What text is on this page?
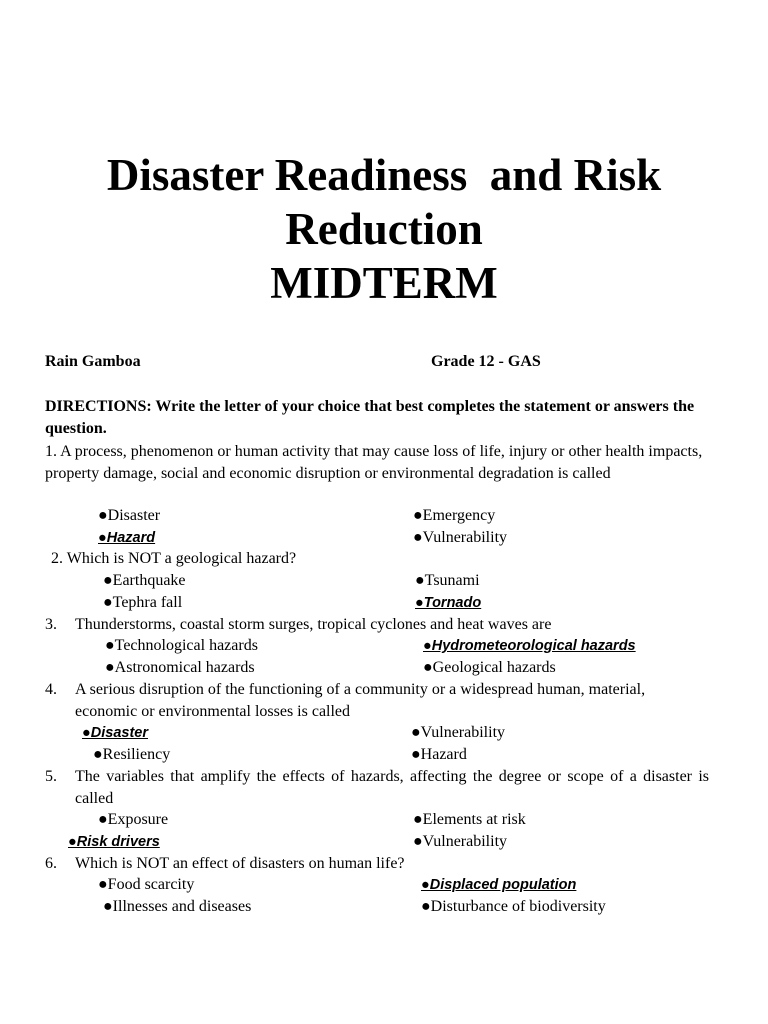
Disaster Readiness  and Risk
Reduction
MIDTERM
Rain Gamboa	Grade 12 - GAS
DIRECTIONS: Write the letter of your choice that best completes the statement or answers the question.
1. A process, phenomenon or human activity that may cause loss of life, injury or other health impacts, property damage, social and economic disruption or environmental degradation is called
●Disaster	●Emergency
●Hazard	●Vulnerability
2. Which is NOT a geological hazard?
●Earthquake	●Tsunami
●Tephra fall	●Tornado
3. Thunderstorms, coastal storm surges, tropical cyclones and heat waves are
●Technological hazards	●Hydrometeorological hazards
●Astronomical hazards	●Geological hazards
4. A serious disruption of the functioning of a community or a widespread human, material, economic or environmental losses is called
●Disaster	●Vulnerability
●Resiliency	●Hazard
5. The variables that amplify the effects of hazards, affecting the degree or scope of a disaster is called
●Exposure	●Elements at risk
●Risk drivers	●Vulnerability
6. Which is NOT an effect of disasters on human life?
●Food scarcity	●Displaced population
●Illnesses and diseases	●Disturbance of biodiversity
